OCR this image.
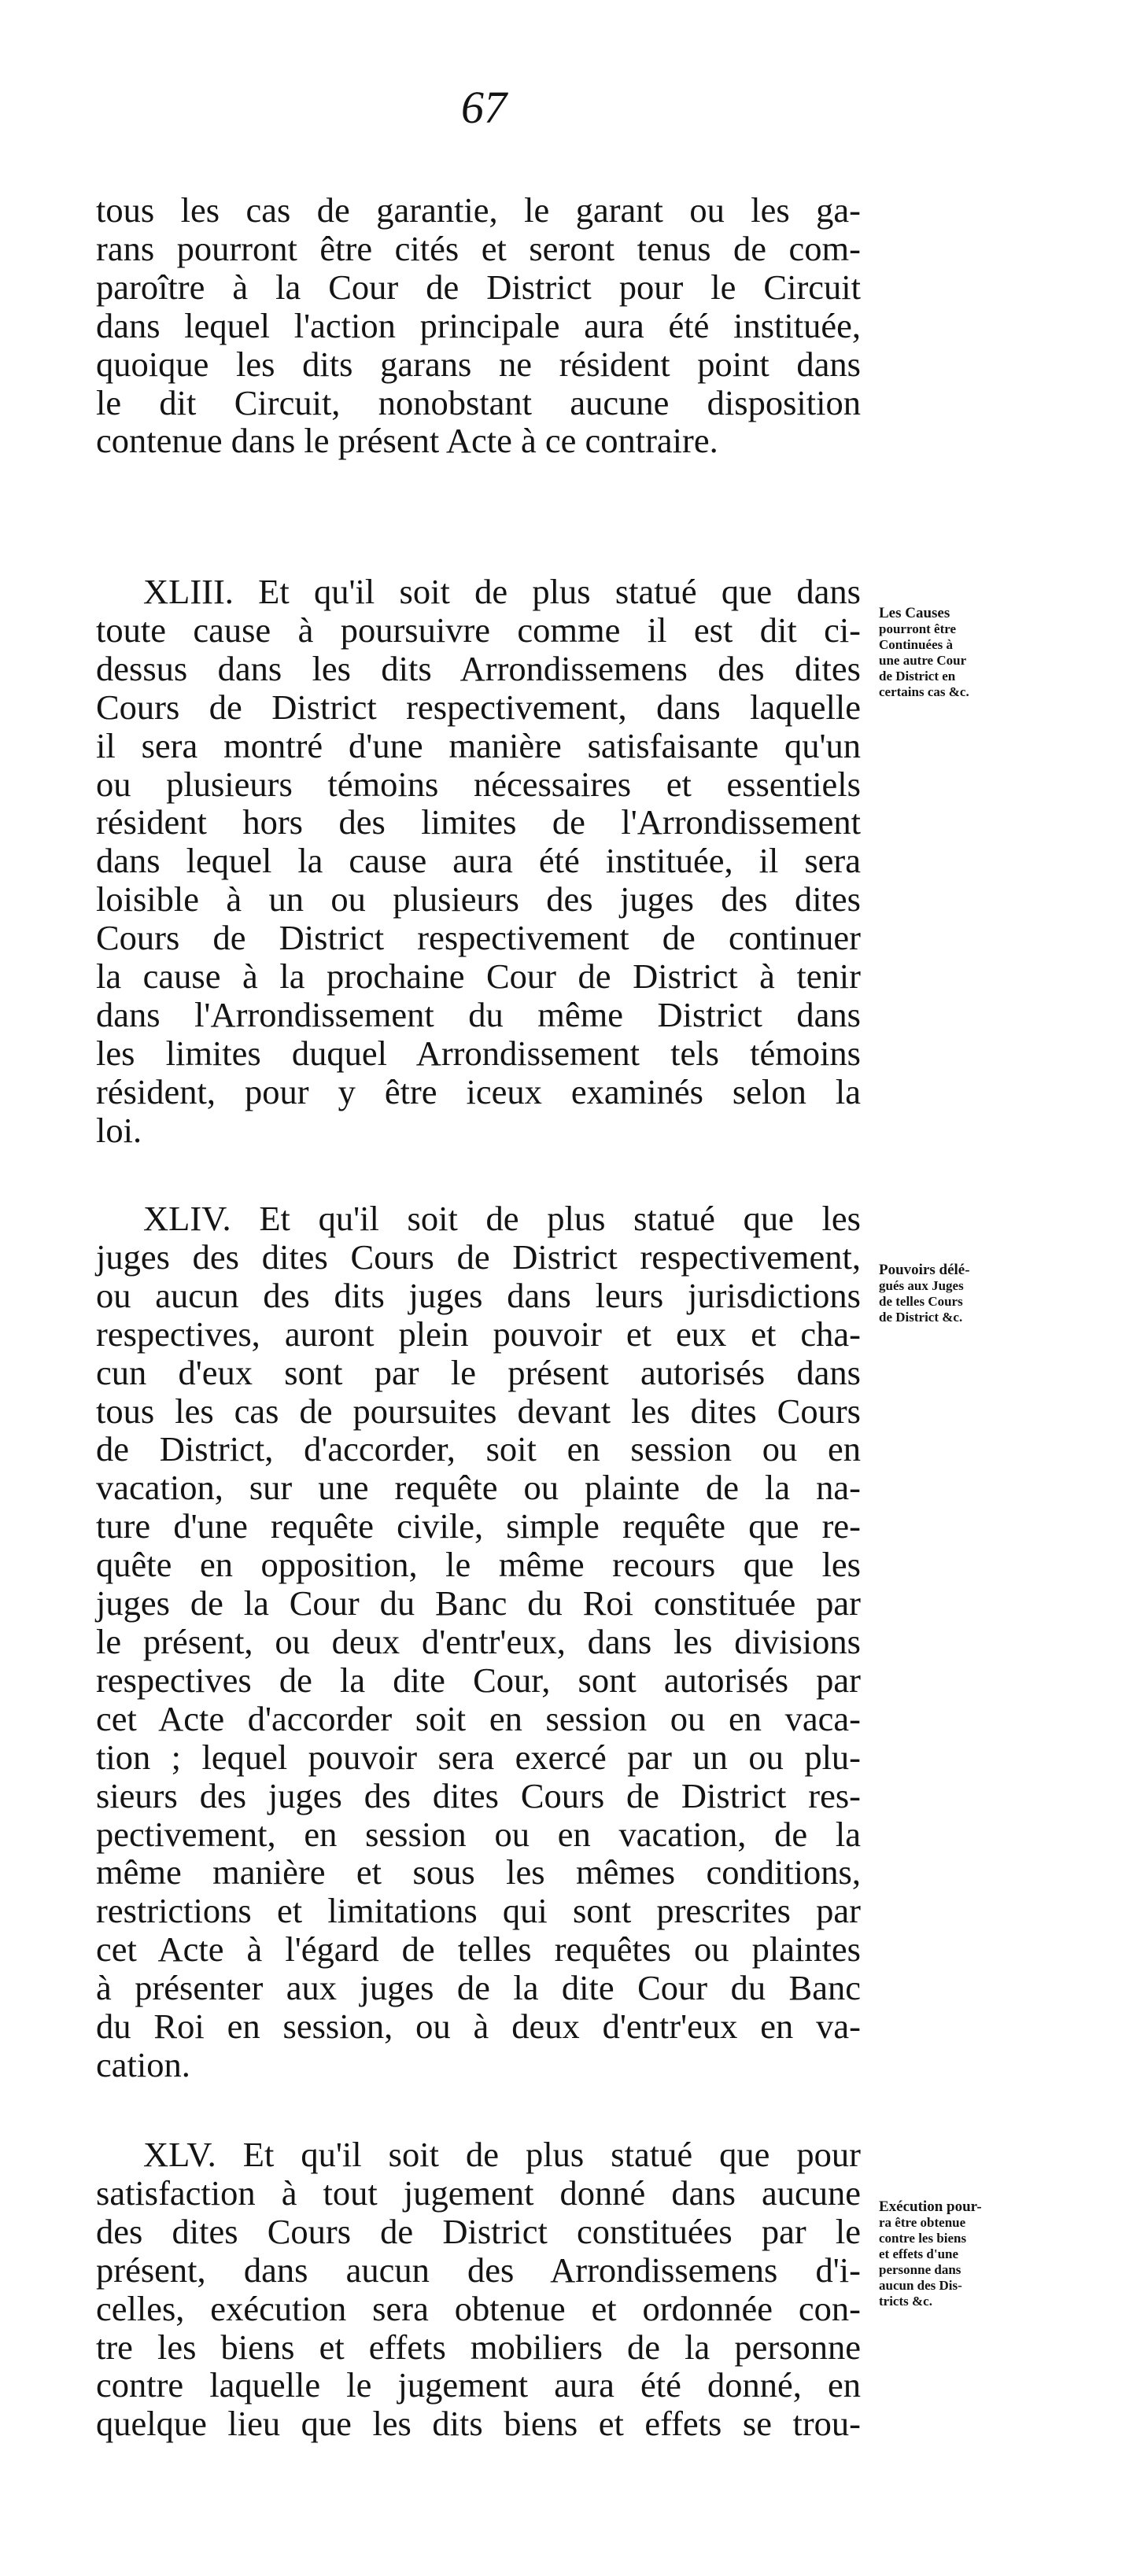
67
tous les cas de garantie, le garant ou les ga-
rans pourront être cités et seront tenus de com-
paroître à la Cour de District pour le Circuit
dans lequel l'action principale aura été instituée,
quoique les dits garans ne résident point dans
le dit Circuit, nonobstant aucune disposition
contenue dans le présent Acte à ce contraire.
XLIII. Et qu'il soit de plus statué que dans
toute cause à poursuivre comme il est dit ci-
dessus dans les dits Arrondissemens des dites
Cours de District respectivement, dans laquelle
il sera montré d'une manière satisfaisante qu'un
ou plusieurs témoins nécessaires et essentiels
résident hors des limites de l'Arrondissement
dans lequel la cause aura été instituée, il sera
loisible à un ou plusieurs des juges des dites
Cours de District respectivement de continuer
la cause à la prochaine Cour de District à tenir
dans l'Arrondissement du même District dans
les limites duquel Arrondissement tels témoins
résident, pour y être iceux examinés selon la
loi.
XLIV. Et qu'il soit de plus statué que les
juges des dites Cours de District respectivement,
ou aucun des dits juges dans leurs jurisdictions
respectives, auront plein pouvoir et eux et cha-
cun d'eux sont par le présent autorisés dans
tous les cas de poursuites devant les dites Cours
de District, d'accorder, soit en session ou en
vacation, sur une requête ou plainte de la na-
ture d'une requête civile, simple requête que re-
quête en opposition, le même recours que les
juges de la Cour du Banc du Roi constituée par
le présent, ou deux d'entr'eux, dans les divisions
respectives de la dite Cour, sont autorisés par
cet Acte d'accorder soit en session ou en vaca-
tion ; lequel pouvoir sera exercé par un ou plu-
sieurs des juges des dites Cours de District res-
pectivement, en session ou en vacation, de la
même manière et sous les mêmes conditions,
restrictions et limitations qui sont prescrites par
cet Acte à l'égard de telles requêtes ou plaintes
à présenter aux juges de la dite Cour du Banc
du Roi en session, ou à deux d'entr'eux en va-
cation.
XLV. Et qu'il soit de plus statué que pour
satisfaction à tout jugement donné dans aucune
des dites Cours de District constituées par le
présent, dans aucun des Arrondissemens d'i-
celles, exécution sera obtenue et ordonnée con-
tre les biens et effets mobiliers de la personne
contre laquelle le jugement aura été donné, en
quelque lieu que les dits biens et effets se trou-
Les Causes
pourront être
Continuées à
une autre Cour
de District en
certains cas &c.
Pouvoirs délé-
gués aux Juges
de telles Cours
de District &c.
Exécution pour-
ra être obtenue
contre les biens
et effets d'une
personne dans
aucun des Dis-
tricts &c.
